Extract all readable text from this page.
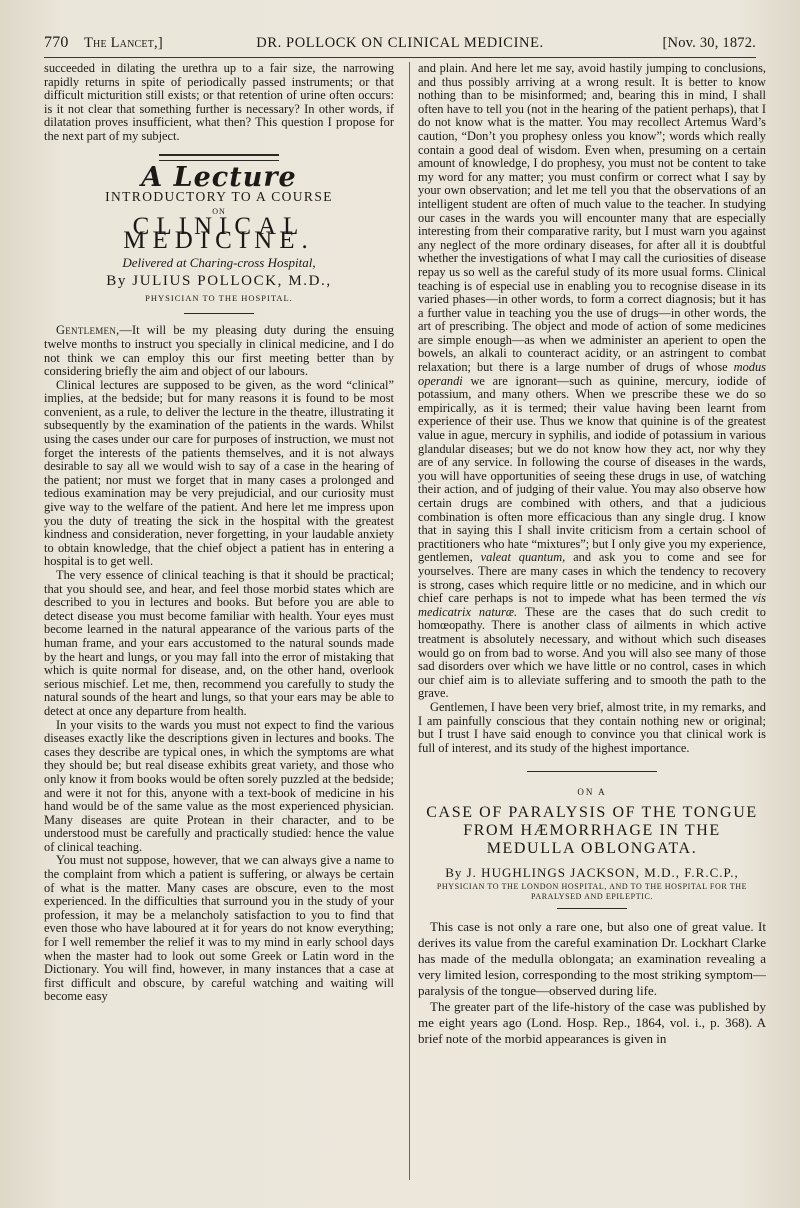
770 The Lancet,]	DR. POLLOCK ON CLINICAL MEDICINE.	[Nov. 30, 1872.

succeeded in dilating the urethra up to a fair size, the narrowing rapidly returns in spite of periodically passed instruments; or that difficult micturition still exists; or that retention of urine often occurs: is it not clear that something further is necessary? In other words, if dilatation proves insufficient, what then? This question I propose for the next part of my subject.

A Lecture
INTRODUCTORY TO A COURSE
ON
CLINICAL MEDICINE.
Delivered at Charing-cross Hospital,
By JULIUS POLLOCK, M.D.,
PHYSICIAN TO THE HOSPITAL.

Gentlemen,—It will be my pleasing duty during the ensuing twelve months to instruct you specially in clinical medicine, and I do not think we can employ this our first meeting better than by considering briefly the aim and object of our labours.

Clinical lectures are supposed to be given, as the word “clinical” implies, at the bedside; but for many reasons it is found to be most convenient, as a rule, to deliver the lecture in the theatre, illustrating it subsequently by the examination of the patients in the wards. Whilst using the cases under our care for purposes of instruction, we must not forget the interests of the patients themselves, and it is not always desirable to say all we would wish to say of a case in the hearing of the patient; nor must we forget that in many cases a prolonged and tedious examination may be very prejudicial, and our curiosity must give way to the welfare of the patient. And here let me impress upon you the duty of treating the sick in the hospital with the greatest kindness and consideration, never forgetting, in your laudable anxiety to obtain knowledge, that the chief object a patient has in entering a hospital is to get well.

The very essence of clinical teaching is that it should be practical; that you should see, and hear, and feel those morbid states which are described to you in lectures and books. But before you are able to detect disease you must become familiar with health. Your eyes must become learned in the natural appearance of the various parts of the human frame, and your ears accustomed to the natural sounds made by the heart and lungs, or you may fall into the error of mistaking that which is quite normal for disease, and, on the other hand, overlook serious mischief. Let me, then, recommend you carefully to study the natural sounds of the heart and lungs, so that your ears may be able to detect at once any departure from health.

In your visits to the wards you must not expect to find the various diseases exactly like the descriptions given in lectures and books. The cases they describe are typical ones, in which the symptoms are what they should be; but real disease exhibits great variety, and those who only know it from books would be often sorely puzzled at the bedside; and were it not for this, anyone with a text-book of medicine in his hand would be of the same value as the most experienced physician. Many diseases are quite Protean in their character, and to be understood must be carefully and practically studied: hence the value of clinical teaching.

You must not suppose, however, that we can always give a name to the complaint from which a patient is suffering, or always be certain of what is the matter. Many cases are obscure, even to the most experienced. In the difficulties that surround you in the study of your profession, it may be a melancholy satisfaction to you to find that even those who have laboured at it for years do not know everything; for I well remember the relief it was to my mind in early school days when the master had to look out some Greek or Latin word in the Dictionary. You will find, however, in many instances that a case at first difficult and obscure, by careful watching and waiting will become easy

and plain. And here let me say, avoid hastily jumping to conclusions, and thus possibly arriving at a wrong result. It is better to know nothing than to be misinformed; and, bearing this in mind, I shall often have to tell you (not in the hearing of the patient perhaps), that I do not know what is the matter. You may recollect Artemus Ward’s caution, “Don’t you prophesy onless you know”; words which really contain a good deal of wisdom. Even when, presuming on a certain amount of knowledge, I do prophesy, you must not be content to take my word for any matter; you must confirm or correct what I say by your own observation; and let me tell you that the observations of an intelligent student are often of much value to the teacher. In studying our cases in the wards you will encounter many that are especially interesting from their comparative rarity, but I must warn you against any neglect of the more ordinary diseases, for after all it is doubtful whether the investigations of what I may call the curiosities of disease repay us so well as the careful study of its more usual forms. Clinical teaching is of especial use in enabling you to recognise disease in its varied phases—in other words, to form a correct diagnosis; but it has a further value in teaching you the use of drugs—in other words, the art of prescribing. The object and mode of action of some medicines are simple enough—as when we administer an aperient to open the bowels, an alkali to counteract acidity, or an astringent to combat relaxation; but there is a large number of drugs of whose modus operandi we are ignorant—such as quinine, mercury, iodide of potassium, and many others. When we prescribe these we do so empirically, as it is termed; their value having been learnt from experience of their use. Thus we know that quinine is of the greatest value in ague, mercury in syphilis, and iodide of potassium in various glandular diseases; but we do not know how they act, nor why they are of any service. In following the course of diseases in the wards, you will have opportunities of seeing these drugs in use, of watching their action, and of judging of their value. You may also observe how certain drugs are combined with others, and that a judicious combination is often more efficacious than any single drug. I know that in saying this I shall invite criticism from a certain school of practitioners who hate “mixtures”; but I only give you my experience, gentlemen, valeat quantum, and ask you to come and see for yourselves. There are many cases in which the tendency to recovery is strong, cases which require little or no medicine, and in which our chief care perhaps is not to impede what has been termed the vis medicatrix naturæ. These are the cases that do such credit to homœopathy. There is another class of ailments in which active treatment is absolutely necessary, and without which such diseases would go on from bad to worse. And you will also see many of those sad disorders over which we have little or no control, cases in which our chief aim is to alleviate suffering and to smooth the path to the grave.

Gentlemen, I have been very brief, almost trite, in my remarks, and I am painfully conscious that they contain nothing new or original; but I trust I have said enough to convince you that clinical work is full of interest, and its study of the highest importance.

ON A
CASE OF PARALYSIS OF THE TONGUE
FROM HÆMORRHAGE IN THE
MEDULLA OBLONGATA.
By J. HUGHLINGS JACKSON, M.D., F.R.C.P.,
PHYSICIAN TO THE LONDON HOSPITAL, AND TO THE HOSPITAL FOR THE PARALYSED AND EPILEPTIC.

This case is not only a rare one, but also one of great value. It derives its value from the careful examination Dr. Lockhart Clarke has made of the medulla oblongata; an examination revealing a very limited lesion, corresponding to the most striking symptom—paralysis of the tongue—observed during life.

The greater part of the life-history of the case was published by me eight years ago (Lond. Hosp. Rep., 1864, vol. i., p. 368). A brief note of the morbid appearances is given in
